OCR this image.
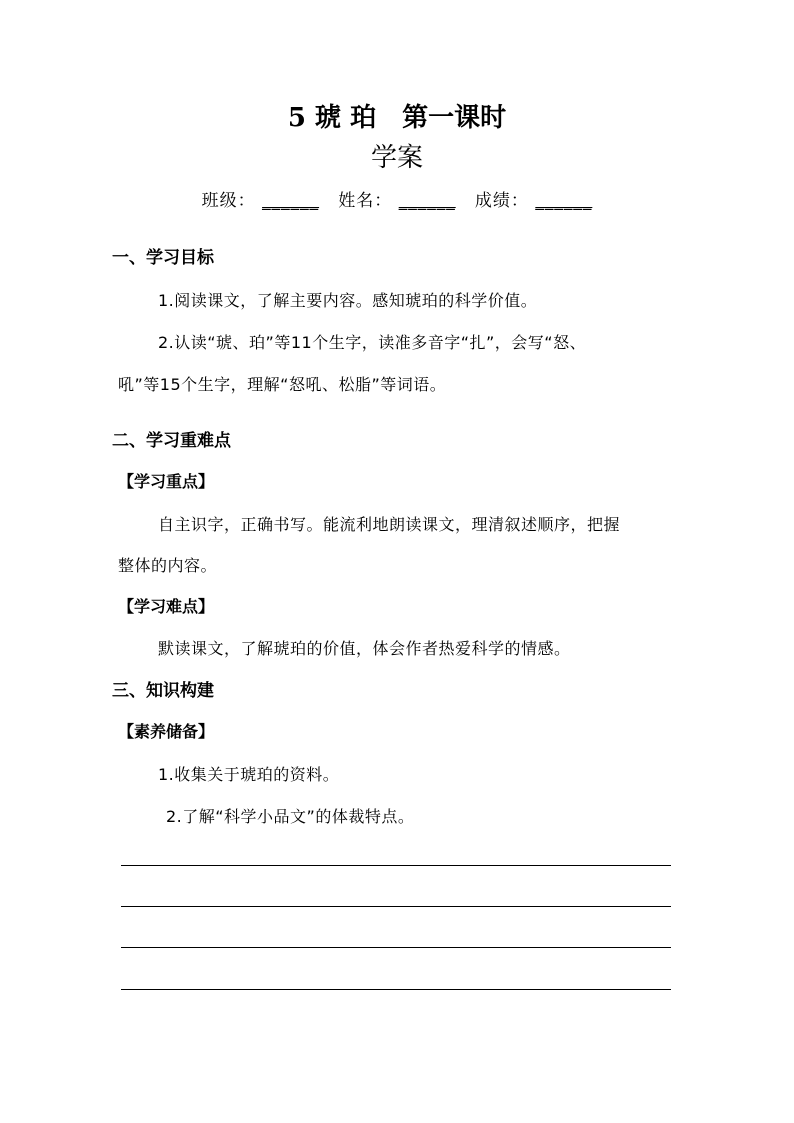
5 琥 珀　第一课时
学案
班级： ______ 姓名： ______ 成绩： ______
一、学习目标
1.阅读课文，了解主要内容。感知琥珀的科学价值。
2.认读“琥、珀”等11个生字，读准多音字“扎”，会写“怒、
吼”等15个生字，理解“怒吼、松脂”等词语。
二、学习重难点
【学习重点】
自主识字，正确书写。能流利地朗读课文，理清叙述顺序，把握
整体的内容。
【学习难点】
默读课文，了解琥珀的价值，体会作者热爱科学的情感。
三、知识构建
【素养储备】
1.收集关于琥珀的资料。
2.了解“科学小品文”的体裁特点。
